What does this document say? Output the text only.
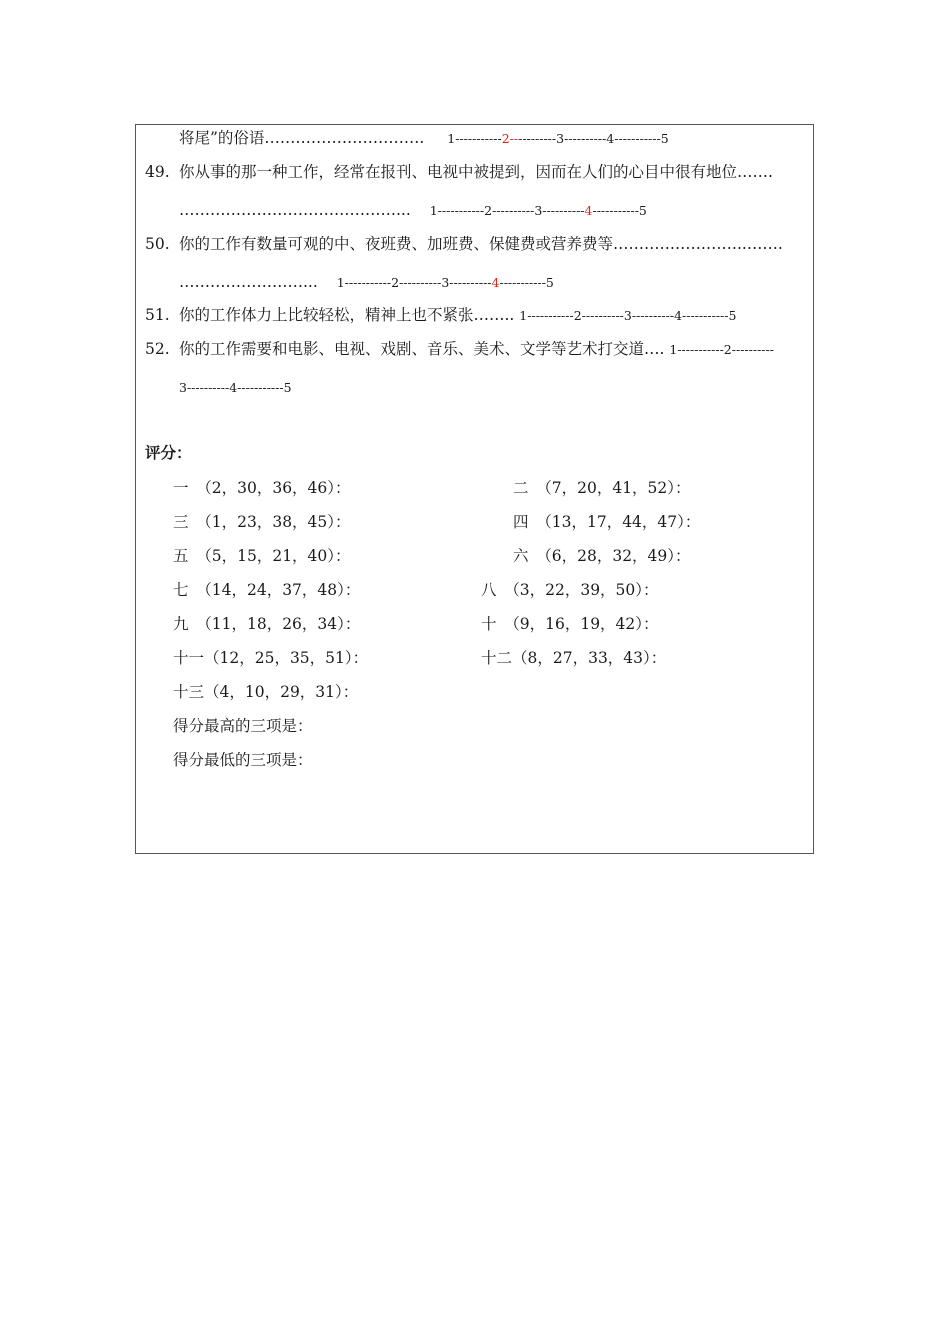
将尾”的俗语…………………………. 1-----------2-----------3----------4-----------5
49. 你从事的那一种工作，经常在报刊、电视中被提到，因而在人们的心目中很有地位…….
……………………………………... 1-----------2----------3----------4-----------5
50. 你的工作有数量可观的中、夜班费、加班费、保健费或营养费等……………………..…….
……………………... 1-----------2----------3----------4-----------5
51. 你的工作体力上比较轻松，精神上也不紧张…….. 1-----------2----------3----------4-----------5
52. 你的工作需要和电影、电视、戏剧、音乐、美术、文学等艺术打交道…. 1-----------2----------
3----------4-----------5
评分：
一　（2，30，36，46）：	二　（7，20，41，52）：
三　（1，23，38，45）：	四　（13，17，44，47）：
五　（5，15，21，40）：	六　（6，28，32，49）：
七　（14，24，37，48）：	八　（3，22，39，50）：
九　（11，18，26，34）：	十　（9，16，19，42）：
十一（12，25，35，51）：	十二（8，27，33，43）：
十三（4，10，29，31）：
得分最高的三项是：
得分最低的三项是：
